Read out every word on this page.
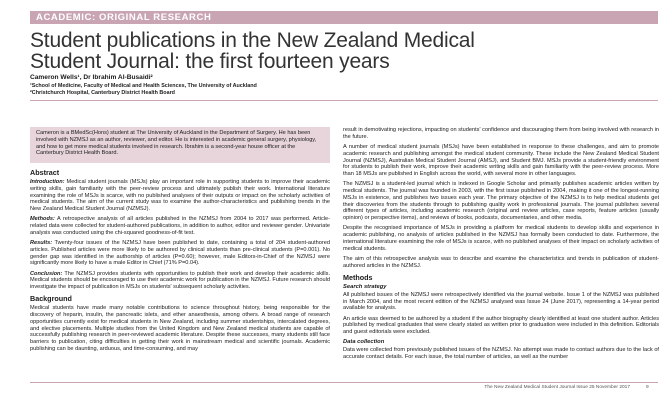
ACADEMIC: ORIGINAL RESEARCH
Student publications in the New Zealand Medical
Student Journal: the first fourteen years
Cameron Wells¹, Dr Ibrahim Al-Busaidi²
¹School of Medicine, Faculty of Medical and Health Sciences, The University of Auckland
²Christchurch Hospital, Canterbury District Health Board
Cameron is a BMedSc(Hons) student at The University of Auckland in the Department of Surgery. He has been involved with NZMSJ as an author, reviewer, and editor. He is interested in academic general surgery, physiology, and how to get more medical students involved in research. Ibrahim is a second-year house officer at the Canterbury District Health Board.
Abstract

Introduction: Medical student journals (MSJs) play an important role in supporting students to improve their academic writing skills, gain familiarity with the peer-review process and ultimately publish their work. International literature examining the role of MSJs is scarce, with no published analyses of their outputs or impact on the scholarly activities of medical students. The aim of the current study was to examine the author-characteristics and publishing trends in the New Zealand Medical Student Journal (NZMSJ).

Methods: A retrospective analysis of all articles published in the NZMSJ from 2004 to 2017 was performed. Article-related data were collected for student-authored publications, in addition to author, editor and reviewer gender. Univariate analysis was conducted using the chi-squared goodness-of-fit test.

Results: Twenty-four issues of the NZMSJ have been published to date, containing a total of 204 student-authored articles. Published articles were more likely to be authored by clinical students than pre-clinical students (P=0.001). No gender gap was identified in the authorship of articles (P=0.60); however, male Editors-in-Chief of the NZMSJ were significantly more likely to have a male Editor in Chief (71% P=0.04).

Conclusion: The NZMSJ provides students with opportunities to publish their work and develop their academic skills. Medical students should be encouraged to use their academic work for publication in the NZMSJ. Future research should investigate the impact of publication in MSJs on students' subsequent scholarly activities.

Background

Medical students have made many notable contributions to science throughout history, being responsible for the discovery of heparin, insulin, the pancreatic islets, and ether anaesthesia, among others. A broad range of research opportunities currently exist for medical students in New Zealand, including summer studentships, intercalated degrees, and elective placements. Multiple studies from the United Kingdom and New Zealand medical students are capable of successfully publishing research in peer-reviewed academic literature. Despite these successes, many students still face barriers to publication, citing difficulties in getting their work in mainstream medical and scientific journals. Academic publishing can be daunting, arduous, and time-consuming, and may

result in demotivating rejections, impacting on students' confidence and discouraging them from being involved with research in the future.

A number of medical student journals (MSJs) have been established in response to these challenges, and aim to promote academic research and publishing amongst the medical student community. These include the New Zealand Medical Student Journal (NZMSJ), Australian Medical Student Journal (AMSJ), and Student BMJ. MSJs provide a student-friendly environment for students to publish their work, improve their academic writing skills and gain familiarity with the peer-review process. More than 18 MSJs are published in English across the world, with several more in other languages.

The NZMSJ is a student-led journal which is indexed in Google Scholar and primarily publishes academic articles written by medical students. The journal was founded in 2003, with the first issue published in 2004, making it one of the longest-running MSJs in existence, and publishes two issues each year. The primary objective of the NZMSJ is to help medical students get their discoveries from the students through to publishing quality work in professional journals. The journal publishes several different types of articles, including academic research (original and review articles, case reports, feature articles (usually opinion) or perspective items), and reviews of books, podcasts, documentaries, and other media.

Despite the recognised importance of MSJs in providing a platform for medical students to develop skills and experience in academic publishing, no analysis of articles published in the NZMSJ has formally been conducted to date. Furthermore, the international literature examining the role of MSJs is scarce, with no published analyses of their impact on scholarly activities of medical students.

The aim of this retrospective analysis was to describe and examine the characteristics and trends in publication of student-authored articles in the NZMSJ.

Methods
Search strategy

All published issues of the NZMSJ were retrospectively identified via the journal website. Issue 1 of the NZMSJ was published in March 2004, and the most recent edition of the NZMSJ analysed was Issue 24 (June 2017), representing a 14-year period available for analysis.

An article was deemed to be authored by a student if the author biography clearly identified at least one student author. Articles published by medical graduates that were clearly stated as written prior to graduation were included in this definition. Editorials and guest editorials were excluded.

Data collection

Data were collected from previously published issues of the NZMSJ. No attempt was made to contact authors due to the lack of accurate contact details. For each issue, the total number of articles, as well as the number

The New Zealand Medical Student Journal Issue 25 November 2017	9
